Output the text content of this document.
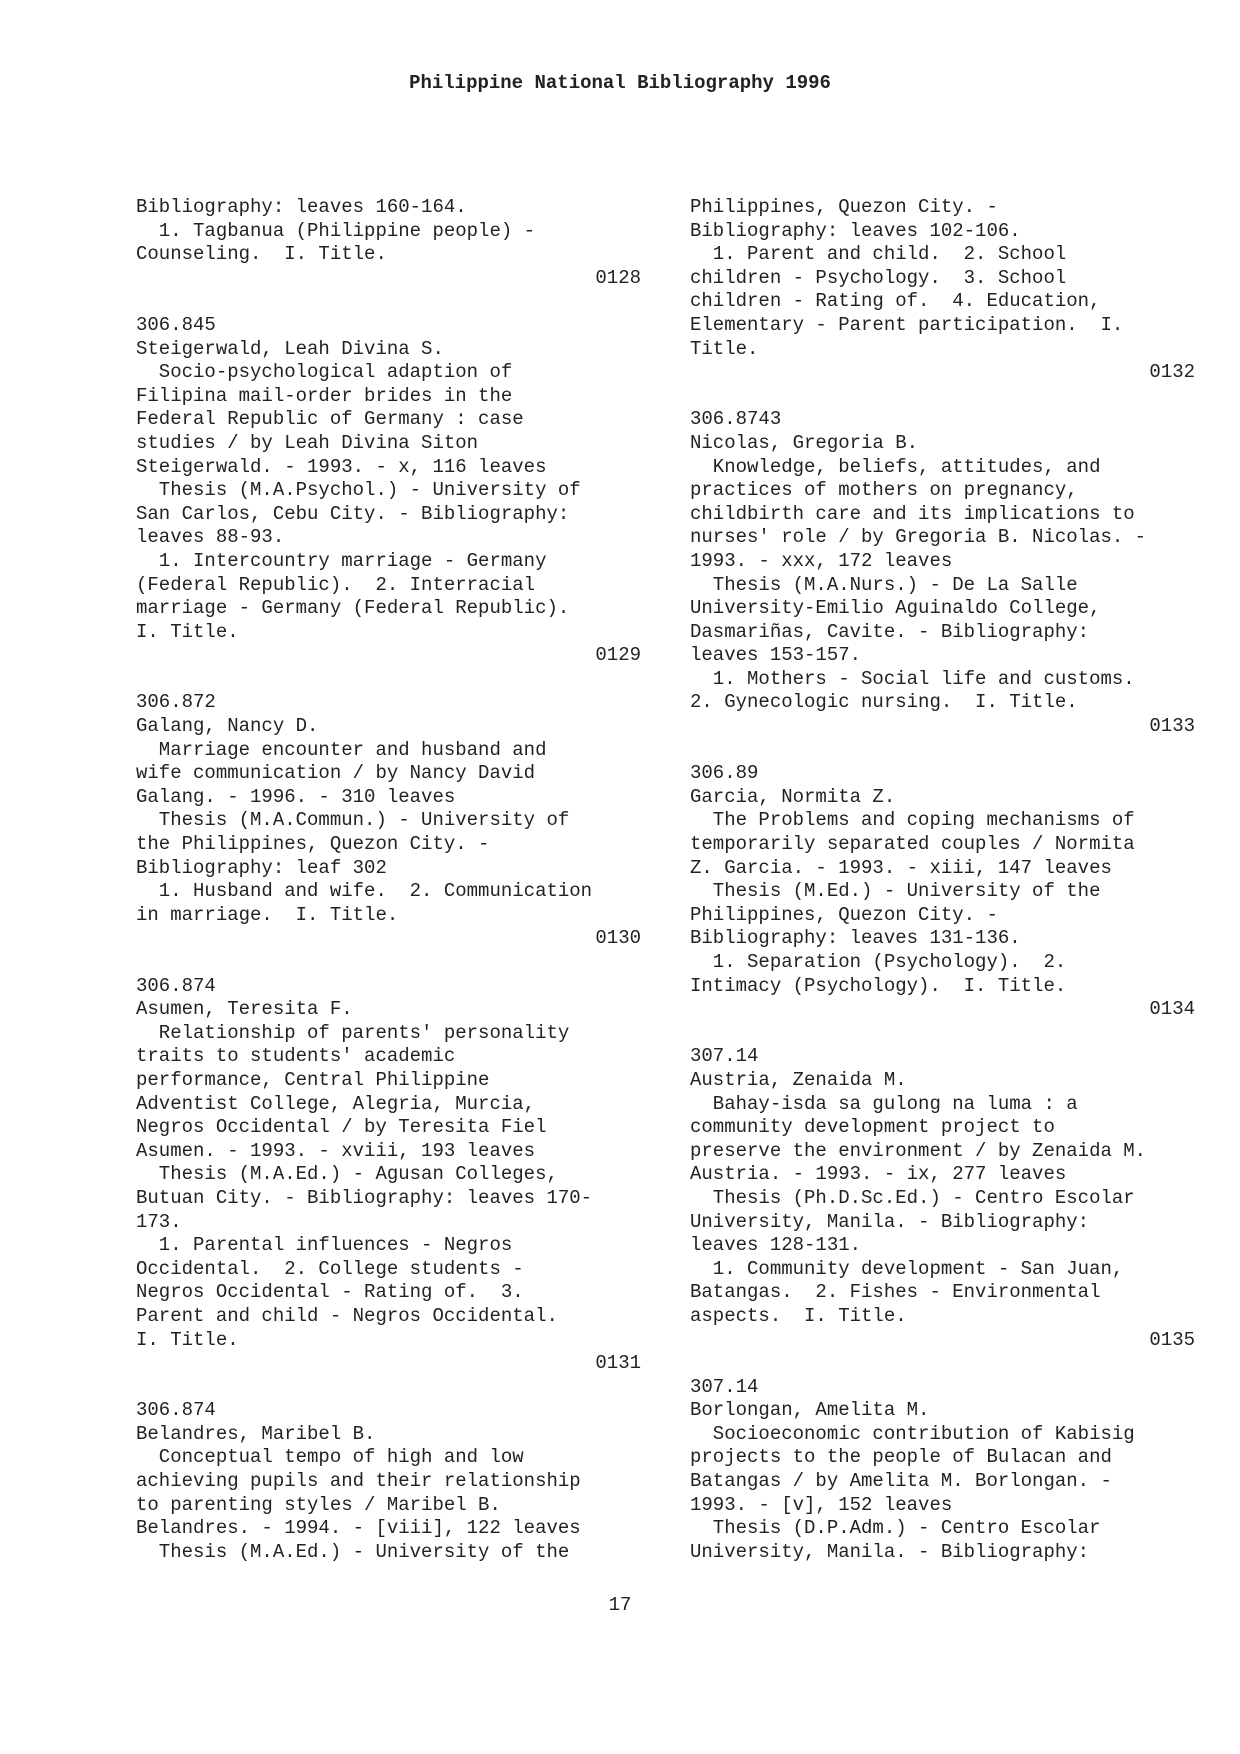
Philippine National Bibliography 1996
Bibliography: leaves 160-164.
1. Tagbanua (Philippine people) -
Counseling.  I. Title.
0128
306.845
Steigerwald, Leah Divina S.
Socio-psychological adaption of
Filipina mail-order brides in the
Federal Republic of Germany : case
studies / by Leah Divina Siton
Steigerwald. - 1993. - x, 116 leaves
Thesis (M.A.Psychol.) - University of
San Carlos, Cebu City. - Bibliography:
leaves 88-93.
1. Intercountry marriage - Germany
(Federal Republic).  2. Interracial
marriage - Germany (Federal Republic).
I. Title.
0129
306.872
Galang, Nancy D.
Marriage encounter and husband and
wife communication / by Nancy David
Galang. - 1996. - 310 leaves
Thesis (M.A.Commun.) - University of
the Philippines, Quezon City. -
Bibliography: leaf 302
1. Husband and wife.  2. Communication
in marriage.  I. Title.
0130
306.874
Asumen, Teresita F.
Relationship of parents' personality
traits to students' academic
performance, Central Philippine
Adventist College, Alegria, Murcia,
Negros Occidental / by Teresita Fiel
Asumen. - 1993. - xviii, 193 leaves
Thesis (M.A.Ed.) - Agusan Colleges,
Butuan City. - Bibliography: leaves 170-
173.
1. Parental influences - Negros
Occidental.  2. College students -
Negros Occidental - Rating of.  3.
Parent and child - Negros Occidental.
I. Title.
0131
306.874
Belandres, Maribel B.
Conceptual tempo of high and low
achieving pupils and their relationship
to parenting styles / Maribel B.
Belandres. - 1994. - [viii], 122 leaves
Thesis (M.A.Ed.) - University of the
Philippines, Quezon City. -
Bibliography: leaves 102-106.
1. Parent and child.  2. School
children - Psychology.  3. School
children - Rating of.  4. Education,
Elementary - Parent participation.  I.
Title.
0132
306.8743
Nicolas, Gregoria B.
Knowledge, beliefs, attitudes, and
practices of mothers on pregnancy,
childbirth care and its implications to
nurses' role / by Gregoria B. Nicolas. -
1993. - xxx, 172 leaves
Thesis (M.A.Nurs.) - De La Salle
University-Emilio Aguinaldo College,
Dasmariñas, Cavite. - Bibliography:
leaves 153-157.
1. Mothers - Social life and customs.
2. Gynecologic nursing.  I. Title.
0133
306.89
Garcia, Normita Z.
The Problems and coping mechanisms of
temporarily separated couples / Normita
Z. Garcia. - 1993. - xiii, 147 leaves
Thesis (M.Ed.) - University of the
Philippines, Quezon City. -
Bibliography: leaves 131-136.
1. Separation (Psychology).  2.
Intimacy (Psychology).  I. Title.
0134
307.14
Austria, Zenaida M.
Bahay-isda sa gulong na luma : a
community development project to
preserve the environment / by Zenaida M.
Austria. - 1993. - ix, 277 leaves
Thesis (Ph.D.Sc.Ed.) - Centro Escolar
University, Manila. - Bibliography:
leaves 128-131.
1. Community development - San Juan,
Batangas.  2. Fishes - Environmental
aspects.  I. Title.
0135
307.14
Borlongan, Amelita M.
Socioeconomic contribution of Kabisig
projects to the people of Bulacan and
Batangas / by Amelita M. Borlongan. -
1993. - [v], 152 leaves
Thesis (D.P.Adm.) - Centro Escolar
University, Manila. - Bibliography:
17
